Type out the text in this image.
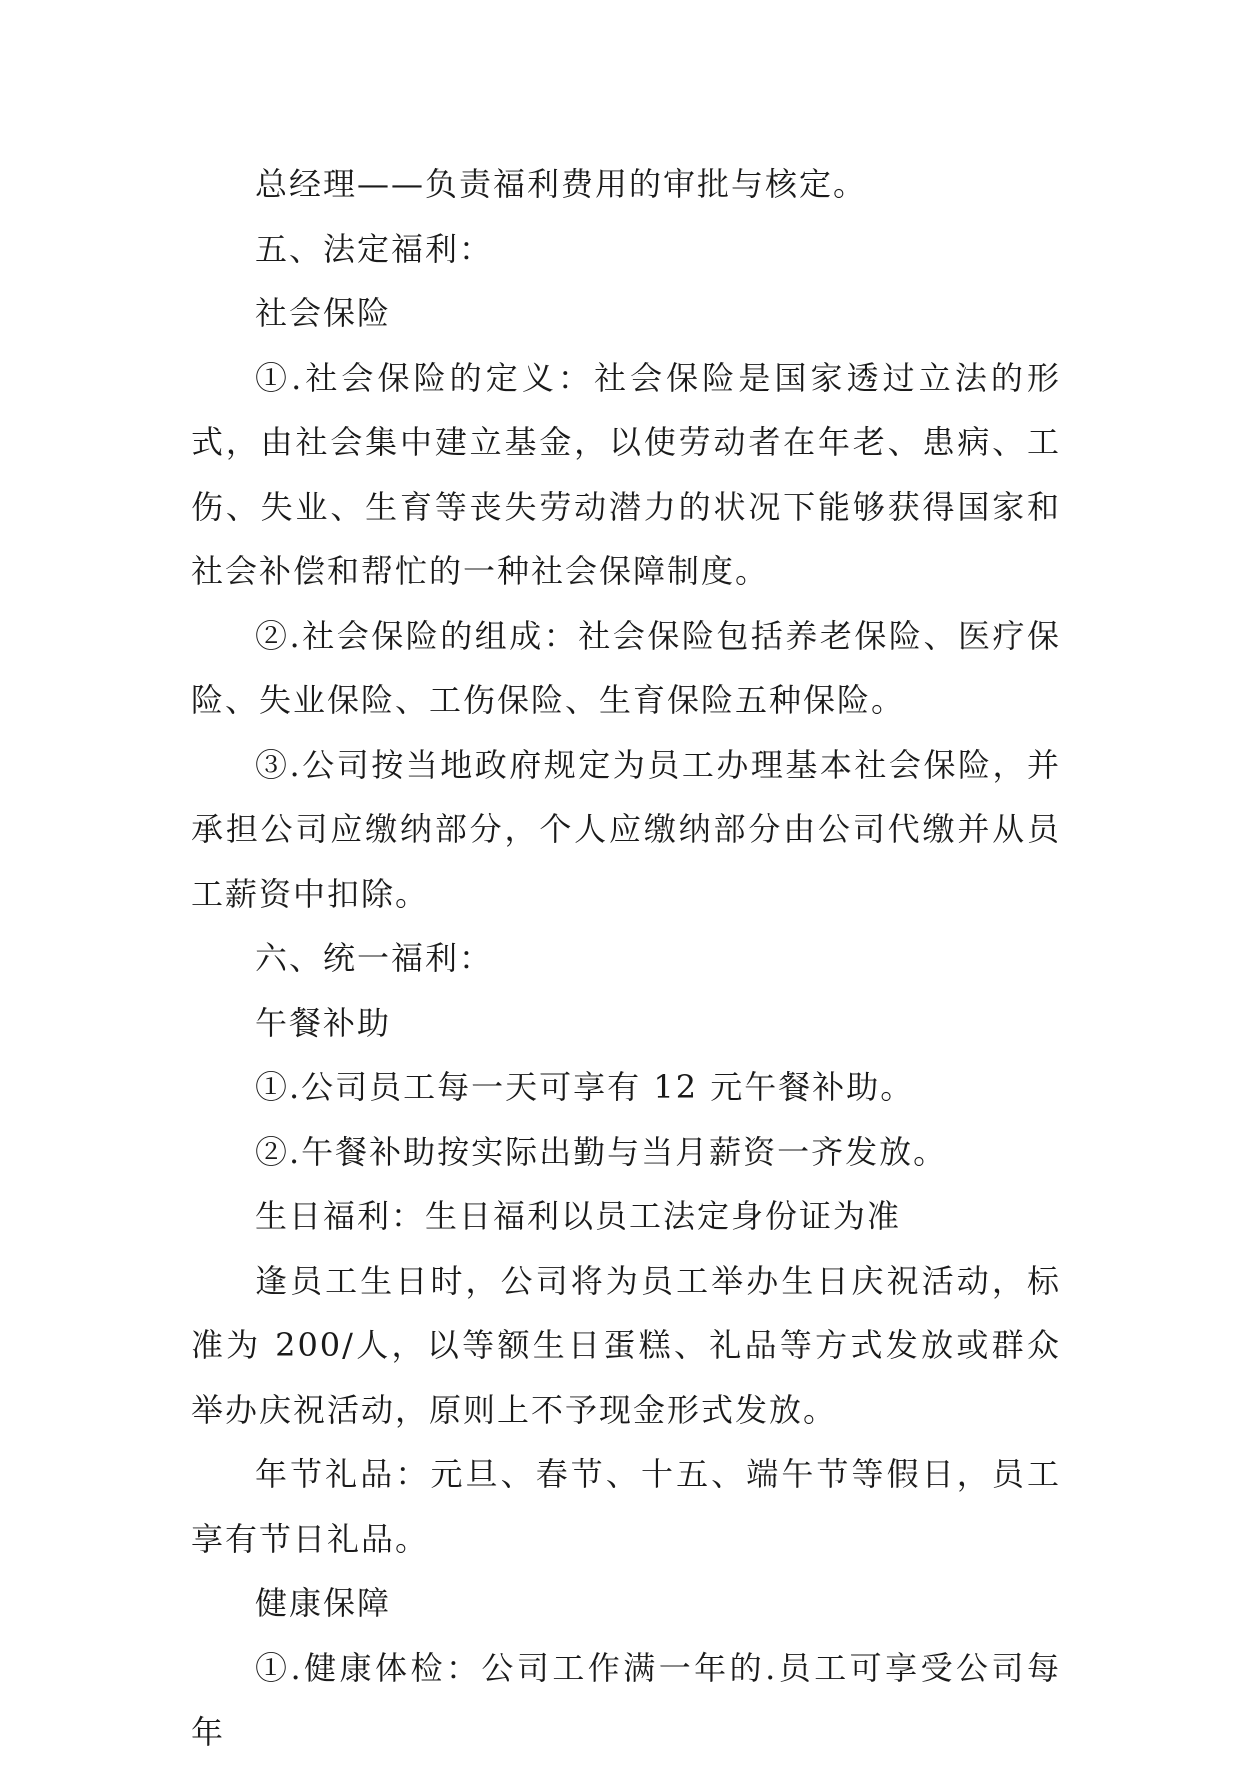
总经理——负责福利费用的审批与核定。

五、法定福利：

社会保险

①.社会保险的定义：社会保险是国家透过立法的形式，由社会集中建立基金，以使劳动者在年老、患病、工伤、失业、生育等丧失劳动潜力的状况下能够获得国家和社会补偿和帮忙的一种社会保障制度。

②.社会保险的组成：社会保险包括养老保险、医疗保险、失业保险、工伤保险、生育保险五种保险。

③.公司按当地政府规定为员工办理基本社会保险，并承担公司应缴纳部分，个人应缴纳部分由公司代缴并从员工薪资中扣除。

六、统一福利：

午餐补助

①.公司员工每一天可享有 12 元午餐补助。

②.午餐补助按实际出勤与当月薪资一齐发放。

生日福利：生日福利以员工法定身份证为准

逢员工生日时，公司将为员工举办生日庆祝活动，标准为 200/人，以等额生日蛋糕、礼品等方式发放或群众举办庆祝活动，原则上不予现金形式发放。

年节礼品：元旦、春节、十五、端午节等假日，员工享有节日礼品。

健康保障

①.健康体检：公司工作满一年的.员工可享受公司每年
